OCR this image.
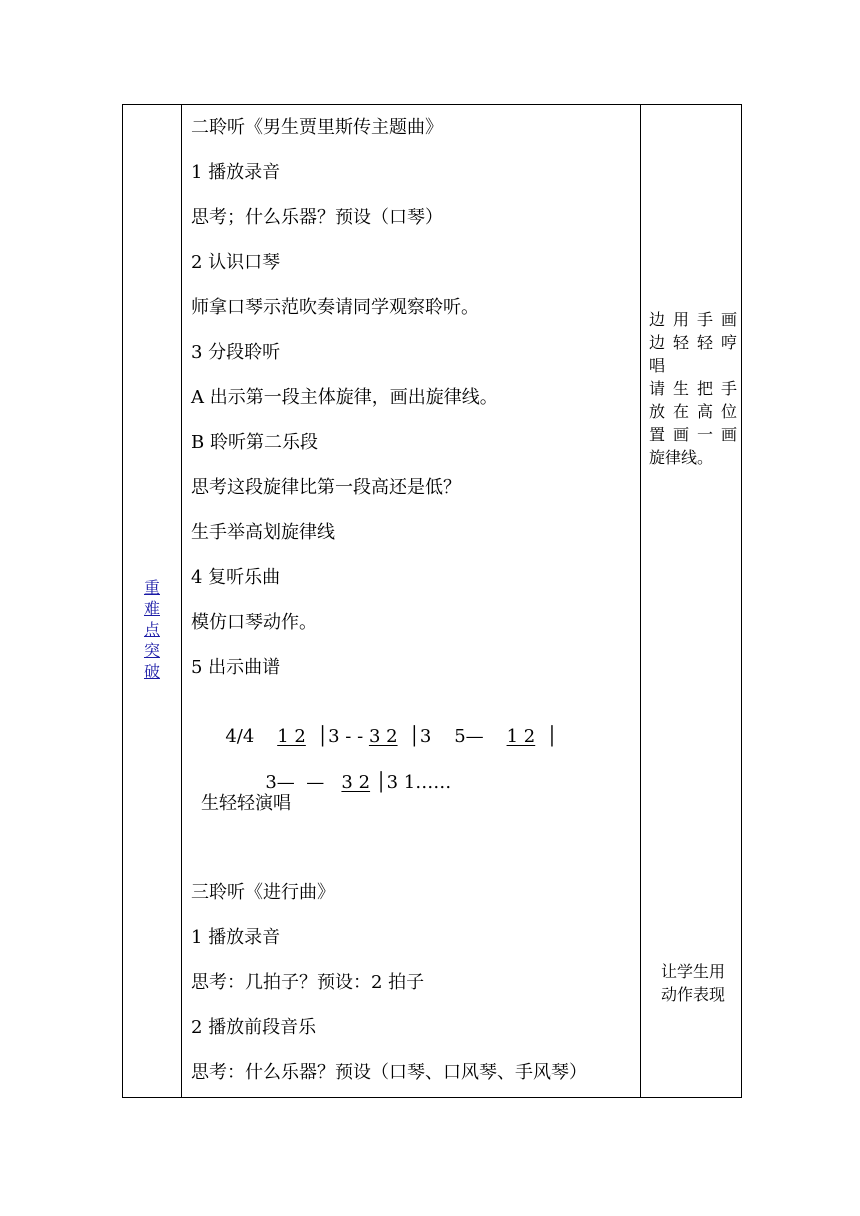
重
难
点
突
破
二聆听《男生贾里斯传主题曲》
1 播放录音
思考；什么乐器？预设（口琴）
2 认识口琴
师拿口琴示范吹奏请同学观察聆听。
3 分段聆听
A 出示第一段主体旋律，画出旋律线。
B 聆听第二乐段
思考这段旋律比第一段高还是低？
生手举高划旋律线
4 复听乐曲
模仿口琴动作。
5 出示曲谱

4/4 1 2 │3 - - 3 2 │3    5— 1 2 │

3—  — 3 2 │3 1……

生轻轻演唱
三聆听《进行曲》
1 播放录音
思考：几拍子？预设：2 拍子
2 播放前段音乐
思考：什么乐器？预设（口琴、口风琴、手风琴）
边 用 手 画
边 轻 轻 哼
唱
请 生 把 手
放 在 高 位
置 画 一 画
旋律线。
让学生用
动作表现
